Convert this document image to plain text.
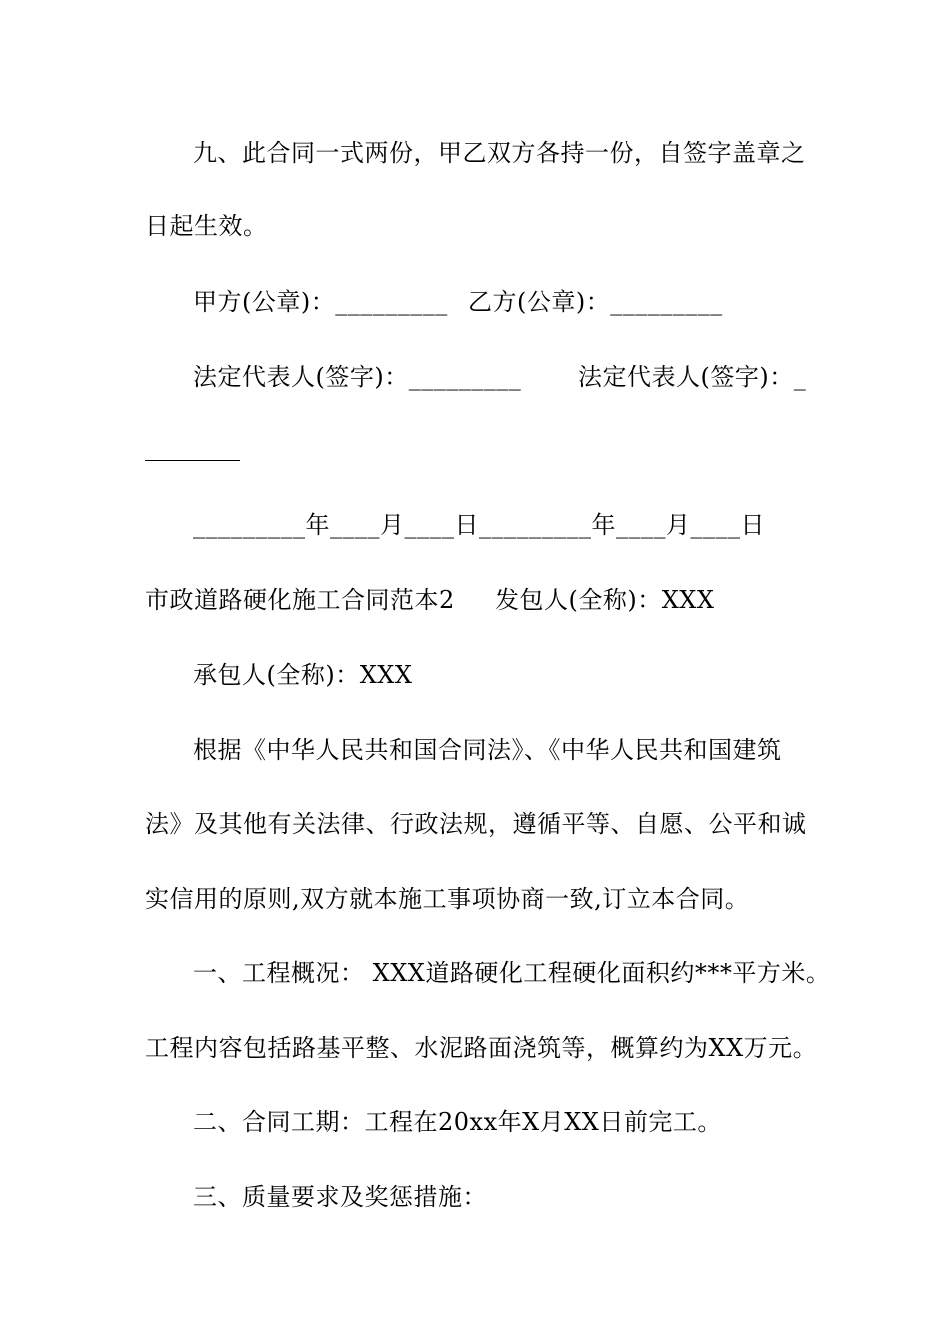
九、此合同一式两份，甲乙双方各持一份，自签字盖章之
日起生效。
甲方(公章)：_________ 乙方(公章)：_________
法定代表人(签字)：_________ 法定代表人(签字)：_
_________年____月____日 _________年____月____日
市政道路硬化施工合同范本2 发包人(全称)：XXX
承包人(全称)：XXX
根据《中华人民共和国合同法》、《中华人民共和国建筑
法》及其他有关法律、行政法规，遵循平等、自愿、公平和诚
实信用的原则,双方就本施工事项协商一致,订立本合同。
一、工程概况： XXX道路硬化工程硬化面积约***平方米。
工程内容包括路基平整、水泥路面浇筑等，概算约为XX万元。
二、合同工期：工程在20xx年X月XX日前完工。
三、质量要求及奖惩措施：
